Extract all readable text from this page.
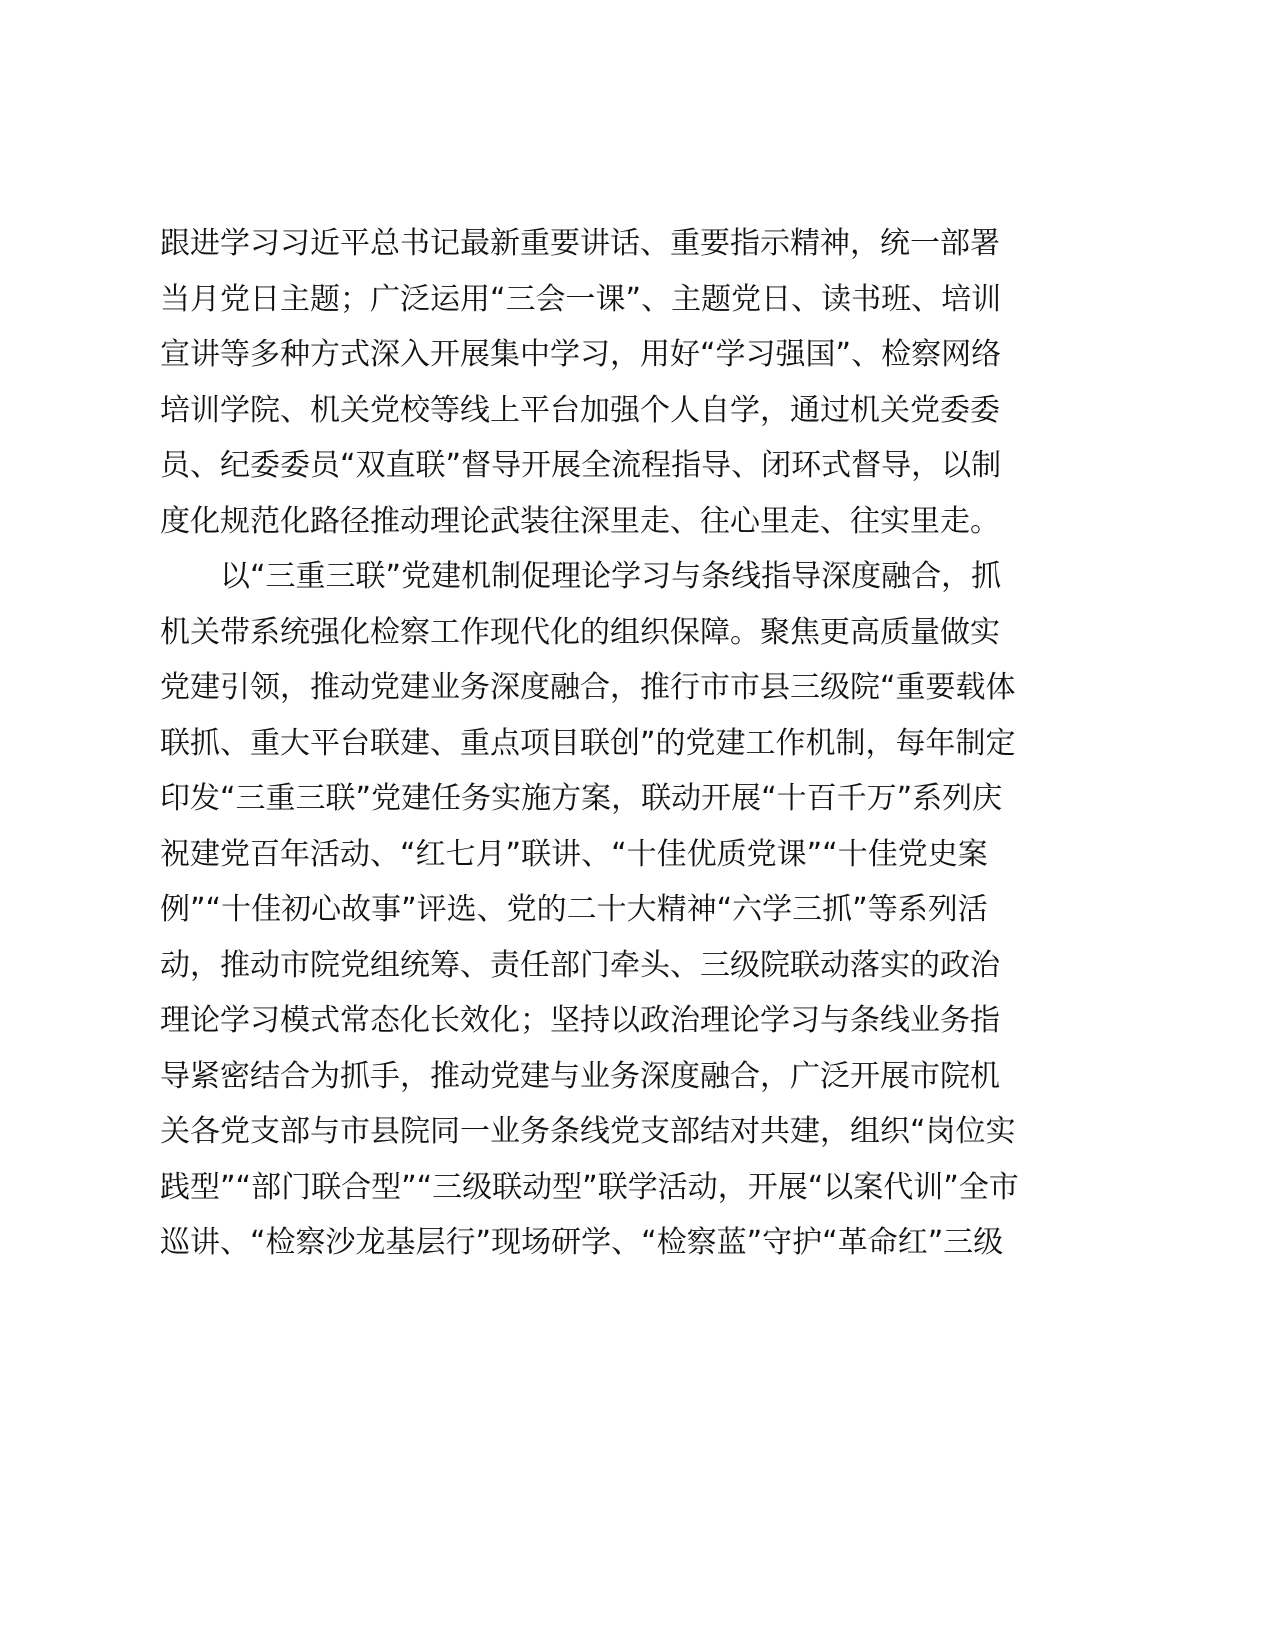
跟进学习习近平总书记最新重要讲话、重要指示精神，统一部署
当月党日主题；广泛运用“三会一课”、主题党日、读书班、培训
宣讲等多种方式深入开展集中学习，用好“学习强国”、检察网络
培训学院、机关党校等线上平台加强个人自学，通过机关党委委
员、纪委委员“双直联”督导开展全流程指导、闭环式督导，以制
度化规范化路径推动理论武装往深里走、往心里走、往实里走。
以“三重三联”党建机制促理论学习与条线指导深度融合，抓
机关带系统强化检察工作现代化的组织保障。聚焦更高质量做实
党建引领，推动党建业务深度融合，推行市市县三级院“重要载体
联抓、重大平台联建、重点项目联创”的党建工作机制，每年制定
印发“三重三联”党建任务实施方案，联动开展“十百千万”系列庆
祝建党百年活动、“红七月”联讲、“十佳优质党课”“十佳党史案
例”“十佳初心故事”评选、党的二十大精神“六学三抓”等系列活
动，推动市院党组统筹、责任部门牵头、三级院联动落实的政治
理论学习模式常态化长效化；坚持以政治理论学习与条线业务指
导紧密结合为抓手，推动党建与业务深度融合，广泛开展市院机
关各党支部与市县院同一业务条线党支部结对共建，组织“岗位实
践型”“部门联合型”“三级联动型”联学活动，开展“以案代训”全市
巡讲、“检察沙龙基层行”现场研学、“检察蓝”守护“革命红”三级
